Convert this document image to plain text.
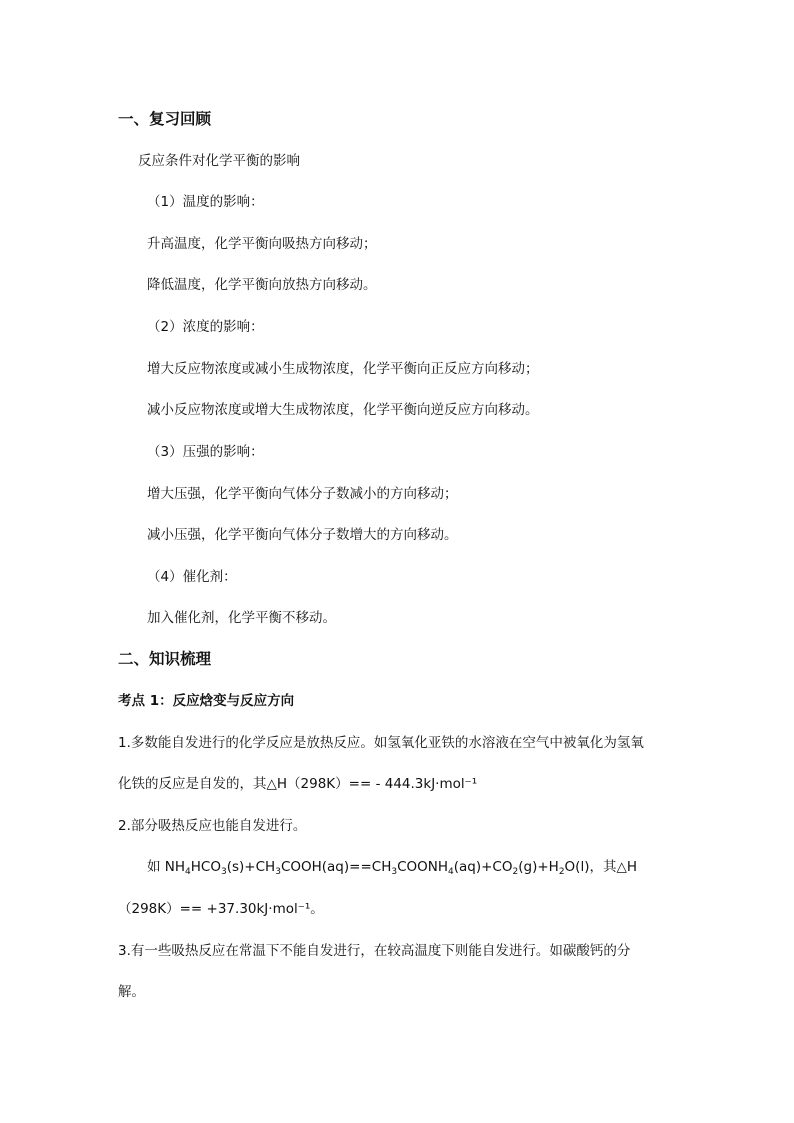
一、复习回顾
反应条件对化学平衡的影响
（1）温度的影响：
升高温度，化学平衡向吸热方向移动；
降低温度，化学平衡向放热方向移动。
（2）浓度的影响：
增大反应物浓度或减小生成物浓度，化学平衡向正反应方向移动；
减小反应物浓度或增大生成物浓度，化学平衡向逆反应方向移动。
（3）压强的影响：
增大压强，化学平衡向气体分子数减小的方向移动；
减小压强，化学平衡向气体分子数增大的方向移动。
（4）催化剂：
加入催化剂，化学平衡不移动。
二、知识梳理
考点 1：反应焓变与反应方向
1.多数能自发进行的化学反应是放热反应。如氢氧化亚铁的水溶液在空气中被氧化为氢氧
化铁的反应是自发的，其△H（298K）== - 444.3kJ·mol⁻¹
2.部分吸热反应也能自发进行。
如 $NH_4HCO_3(s)+CH_3COOH(aq)==CH_3COONH_4(aq)+CO_2(g)+H_2O(l)$，其△H
（298K）== +37.30kJ·mol⁻¹。
3.有一些吸热反应在常温下不能自发进行，在较高温度下则能自发进行。如碳酸钙的分
解。
